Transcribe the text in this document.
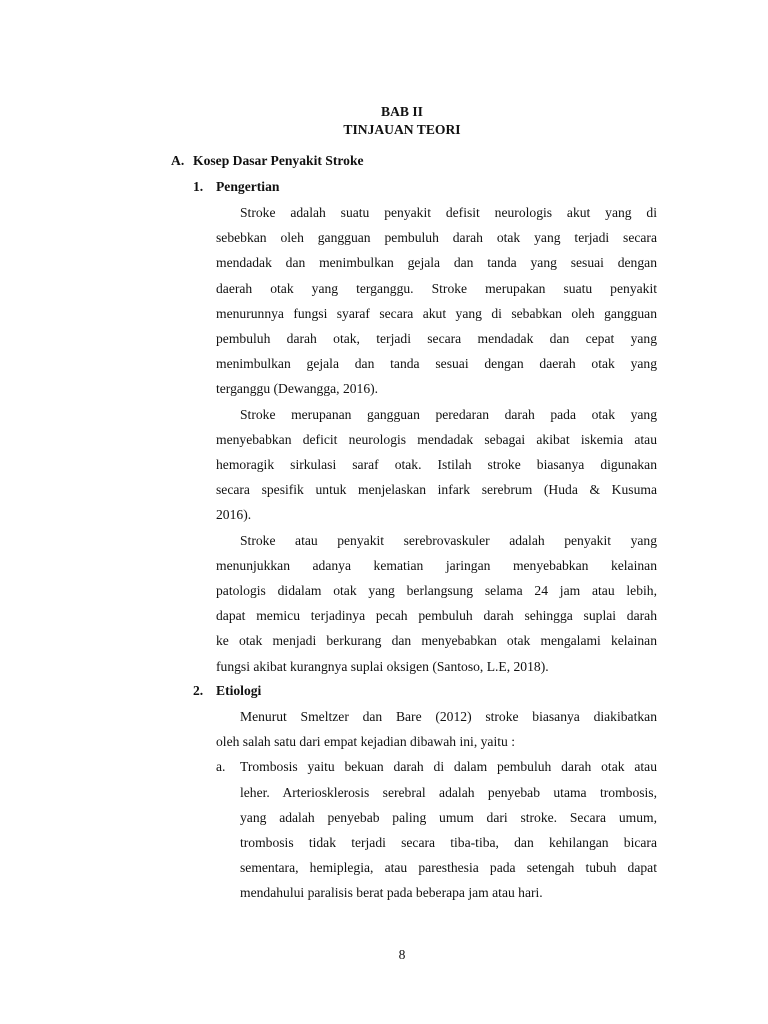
BAB II
TINJAUAN TEORI
A. Kosep Dasar Penyakit Stroke
1. Pengertian
Stroke adalah suatu penyakit defisit neurologis akut yang di
sebebkan oleh gangguan pembuluh darah otak yang terjadi secara
mendadak dan menimbulkan gejala dan tanda yang sesuai dengan
daerah otak yang terganggu. Stroke merupakan suatu penyakit
menurunnya fungsi syaraf secara akut yang di sebabkan oleh gangguan
pembuluh darah otak, terjadi secara mendadak dan cepat yang
menimbulkan gejala dan tanda sesuai dengan daerah otak yang
terganggu (Dewangga, 2016).
Stroke merupanan gangguan peredaran darah pada otak yang
menyebabkan deficit neurologis mendadak sebagai akibat iskemia atau
hemoragik sirkulasi saraf otak. Istilah stroke biasanya digunakan
secara spesifik untuk menjelaskan infark serebrum (Huda & Kusuma
2016).
Stroke atau penyakit serebrovaskuler adalah penyakit yang
menunjukkan adanya kematian jaringan menyebabkan kelainan
patologis didalam otak yang berlangsung selama 24 jam atau lebih,
dapat memicu terjadinya pecah pembuluh darah sehingga suplai darah
ke otak menjadi berkurang dan menyebabkan otak mengalami kelainan
fungsi akibat kurangnya suplai oksigen (Santoso, L.E, 2018).
2. Etiologi
Menurut Smeltzer dan Bare (2012) stroke biasanya diakibatkan
oleh salah satu dari empat kejadian dibawah ini, yaitu :
a. Trombosis yaitu bekuan darah di dalam pembuluh darah otak atau
leher. Arteriosklerosis serebral adalah penyebab utama trombosis,
yang adalah penyebab paling umum dari stroke. Secara umum,
trombosis tidak terjadi secara tiba-tiba, dan kehilangan bicara
sementara, hemiplegia, atau paresthesia pada setengah tubuh dapat
mendahului paralisis berat pada beberapa jam atau hari.
8
